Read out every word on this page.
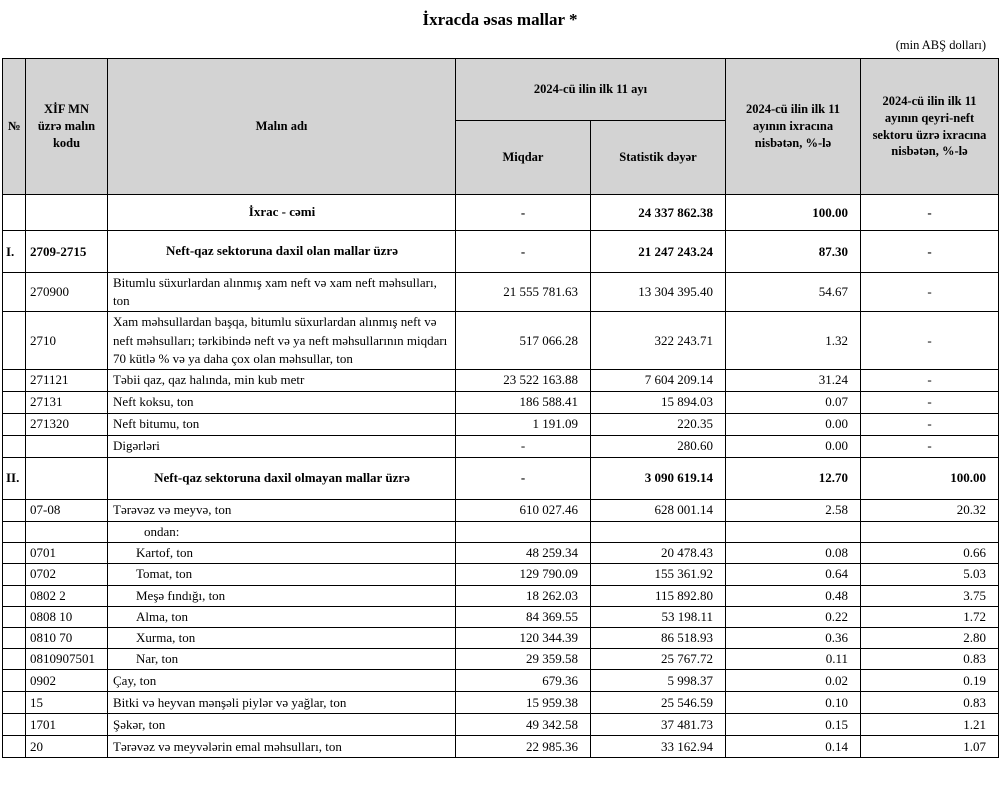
İxracda əsas mallar *
(min ABŞ dolları)
№	XİF MN üzrə malın kodu	Malın adı	2024-cü ilin ilk 11 ayı		2024-cü ilin ilk 11 ayının ixracına nisbətən, %-lə	2024-cü ilin ilk 11 ayının qeyri-neft sektoru üzrə ixracına nisbətən, %-lə
			Miqdar	Statistik dəyər		
		İxrac - cəmi	-	24 337 862.38	100.00	-
I.	2709-2715	Neft-qaz sektoruna daxil olan mallar üzrə	-	21 247 243.24	87.30	-
	270900	Bitumlu süxurlardan alınmış xam neft və xam neft məhsulları, ton	21 555 781.63	13 304 395.40	54.67	-
	2710	Xam məhsullardan başqa, bitumlu süxurlardan alınmış neft və neft məhsulları; tərkibində neft və ya neft məhsullarının miqdarı 70 kütlə % və ya daha çox olan məhsullar, ton	517 066.28	322 243.71	1.32	-
	271121	Təbii qaz, qaz halında, min kub metr	23 522 163.88	7 604 209.14	31.24	-
	27131	Neft koksu, ton	186 588.41	15 894.03	0.07	-
	271320	Neft bitumu, ton	1 191.09	220.35	0.00	-
		Digərləri	-	280.60	0.00	-
II.		Neft-qaz sektoruna daxil olmayan mallar üzrə	-	3 090 619.14	12.70	100.00
	07-08	Tərəvəz və meyvə, ton	610 027.46	628 001.14	2.58	20.32
		ondan:				
	0701	Kartof, ton	48 259.34	20 478.43	0.08	0.66
	0702	Tomat, ton	129 790.09	155 361.92	0.64	5.03
	0802 2	Meşə fındığı, ton	18 262.03	115 892.80	0.48	3.75
	0808 10	Alma, ton	84 369.55	53 198.11	0.22	1.72
	0810 70	Xurma, ton	120 344.39	86 518.93	0.36	2.80
	0810907501	Nar, ton	29 359.58	25 767.72	0.11	0.83
	0902	Çay, ton	679.36	5 998.37	0.02	0.19
	15	Bitki və heyvan mənşəli piylər və yağlar, ton	15 959.38	25 546.59	0.10	0.83
	1701	Şəkər, ton	49 342.58	37 481.73	0.15	1.21
	20	Tərəvəz və meyvələrin emal məhsulları, ton	22 985.36	33 162.94	0.14	1.07
